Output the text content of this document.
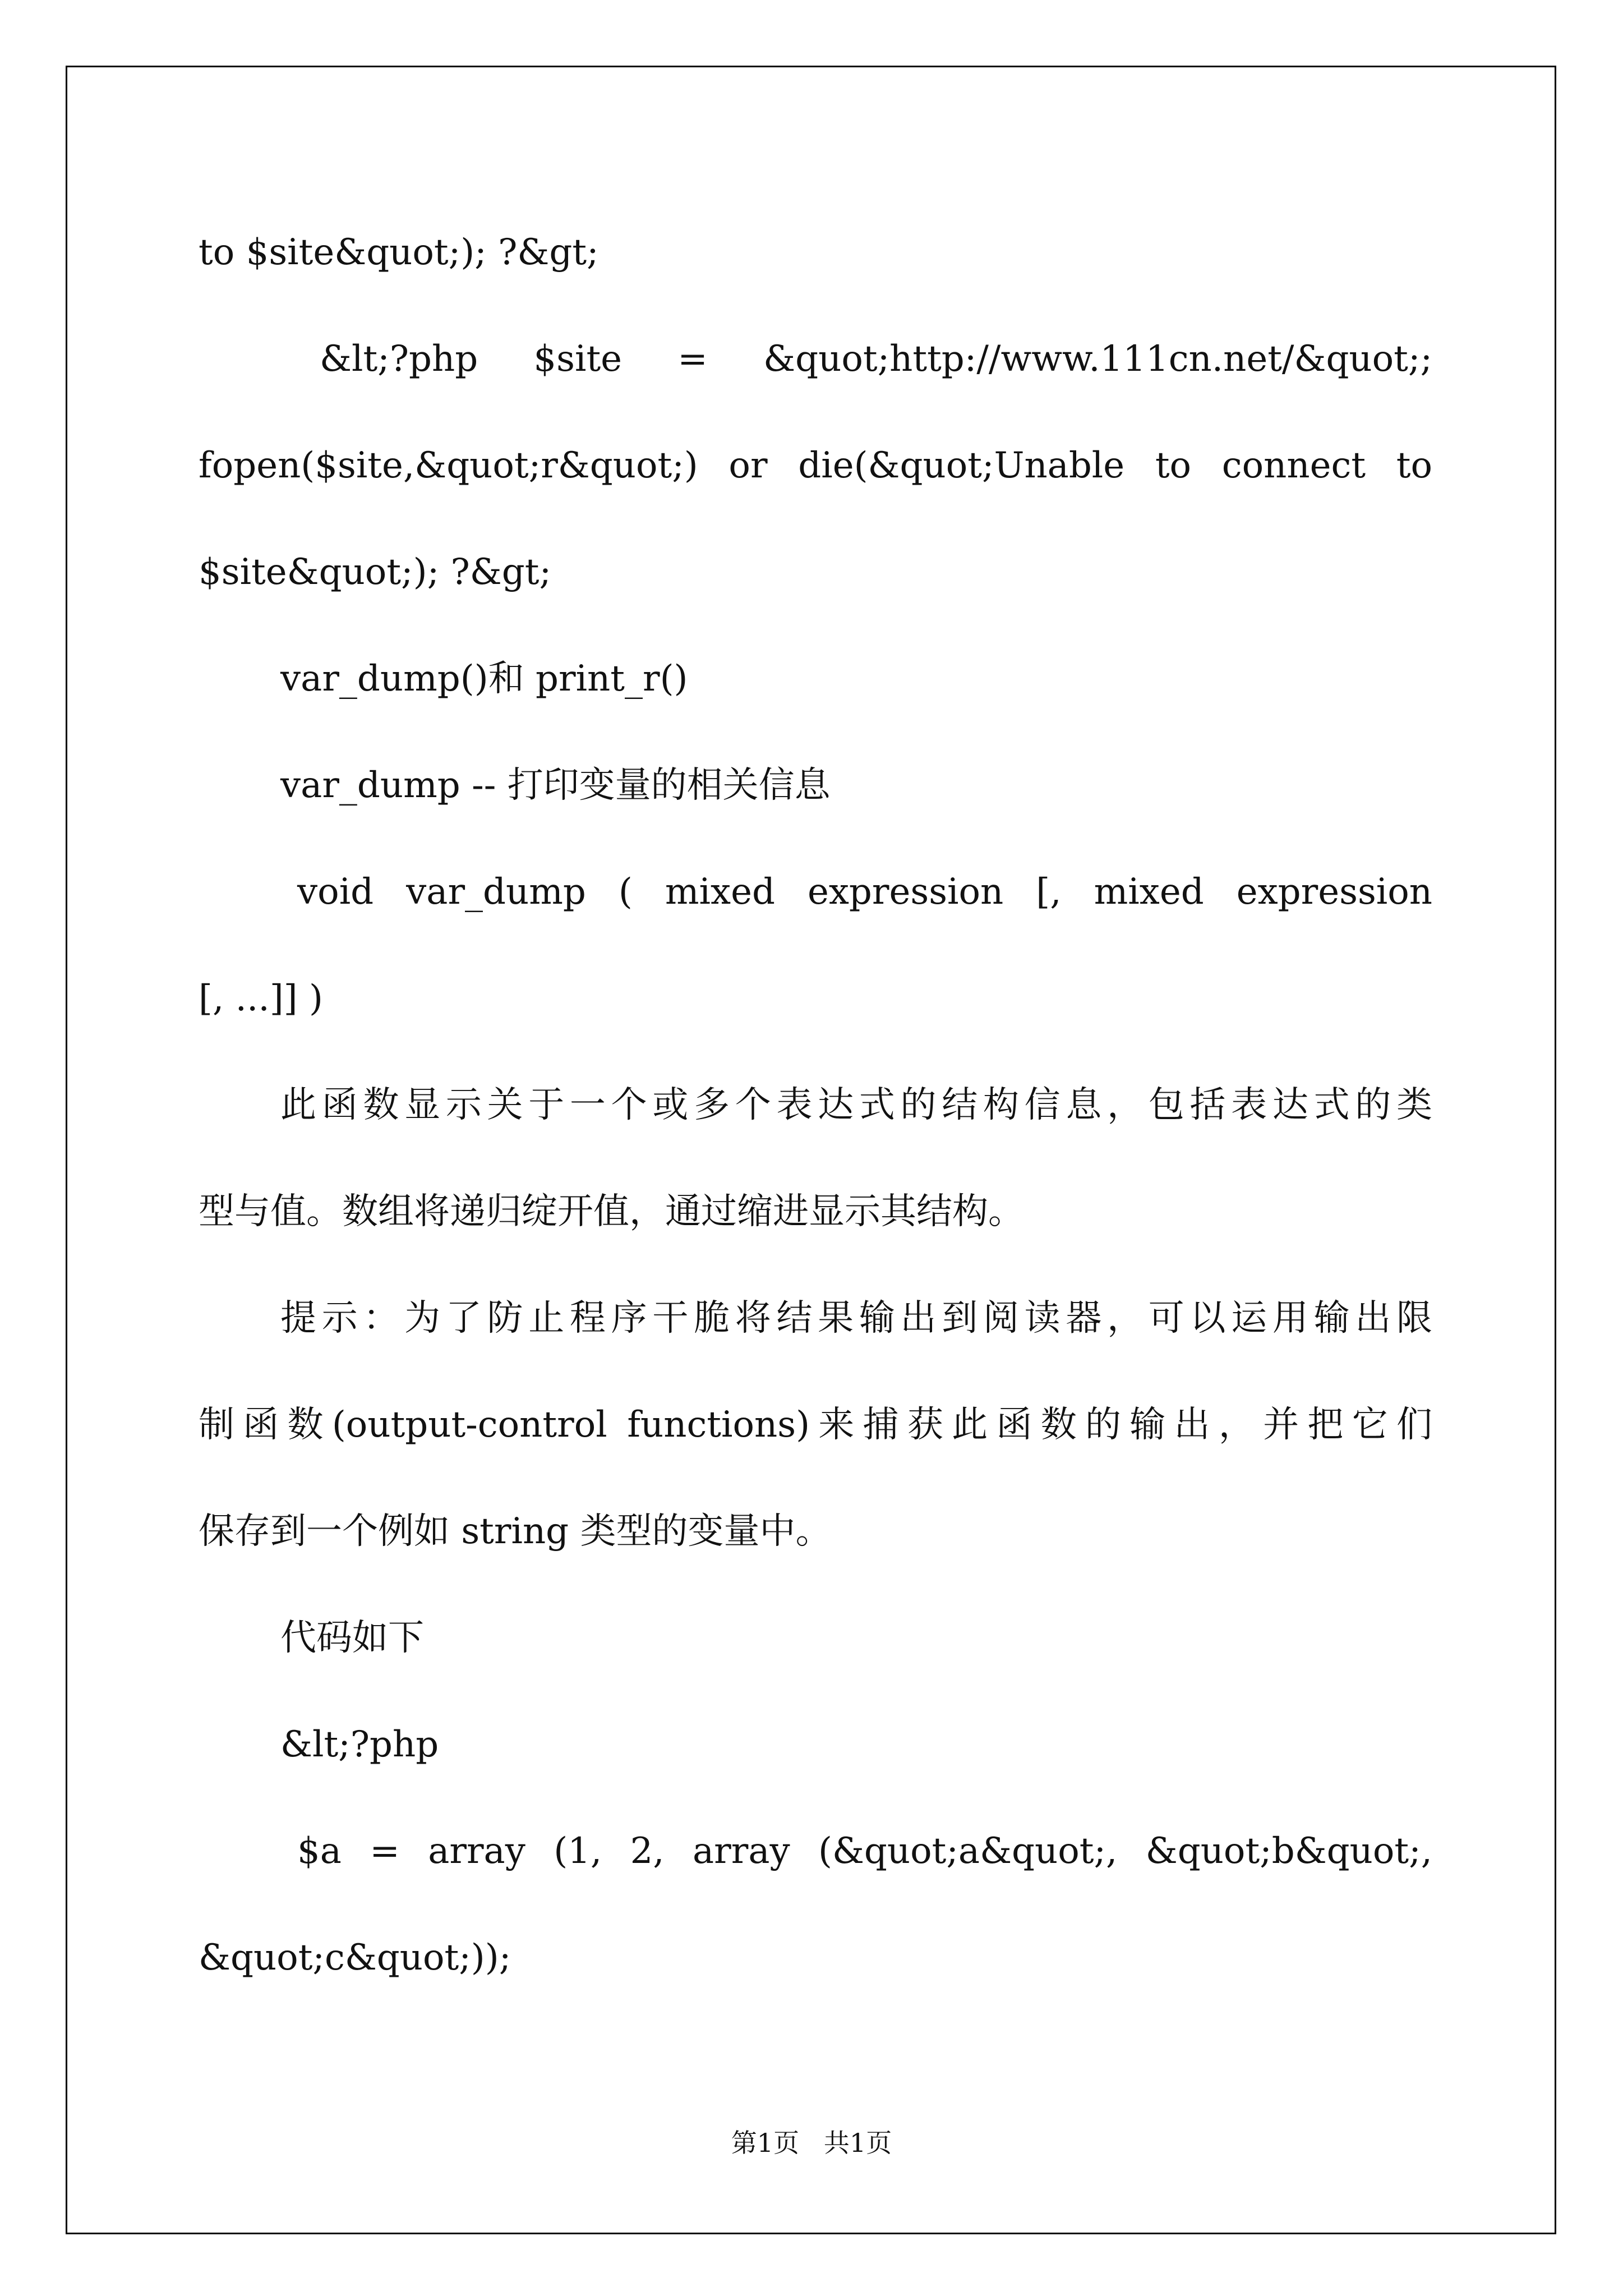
to $site&quot;); ?&gt;
&lt;?php  $site  =  &quot;http://www.111cn.net/&quot;;
fopen($site,&quot;r&quot;) or die(&quot;Unable to connect to
$site&quot;); ?&gt;
var_dump()和 print_r()
var_dump -- 打印变量的相关信息
void  var_dump  (  mixed  expression  [,  mixed  expression
[, ...]] )
此函数显示关于一个或多个表达式的结构信息，包括表达式的类
型与值。数组将递归绽开值，通过缩进显示其结构。
提示：为了防止程序干脆将结果输出到阅读器，可以运用输出限
制函数(output-control functions)来捕获此函数的输出，并把它们
保存到一个例如 string 类型的变量中。
代码如下
&lt;?php
$a  =  array  (1,  2,  array  (&quot;a&quot;,  &quot;b&quot;,
&quot;c&quot;));
第1页   共1页
